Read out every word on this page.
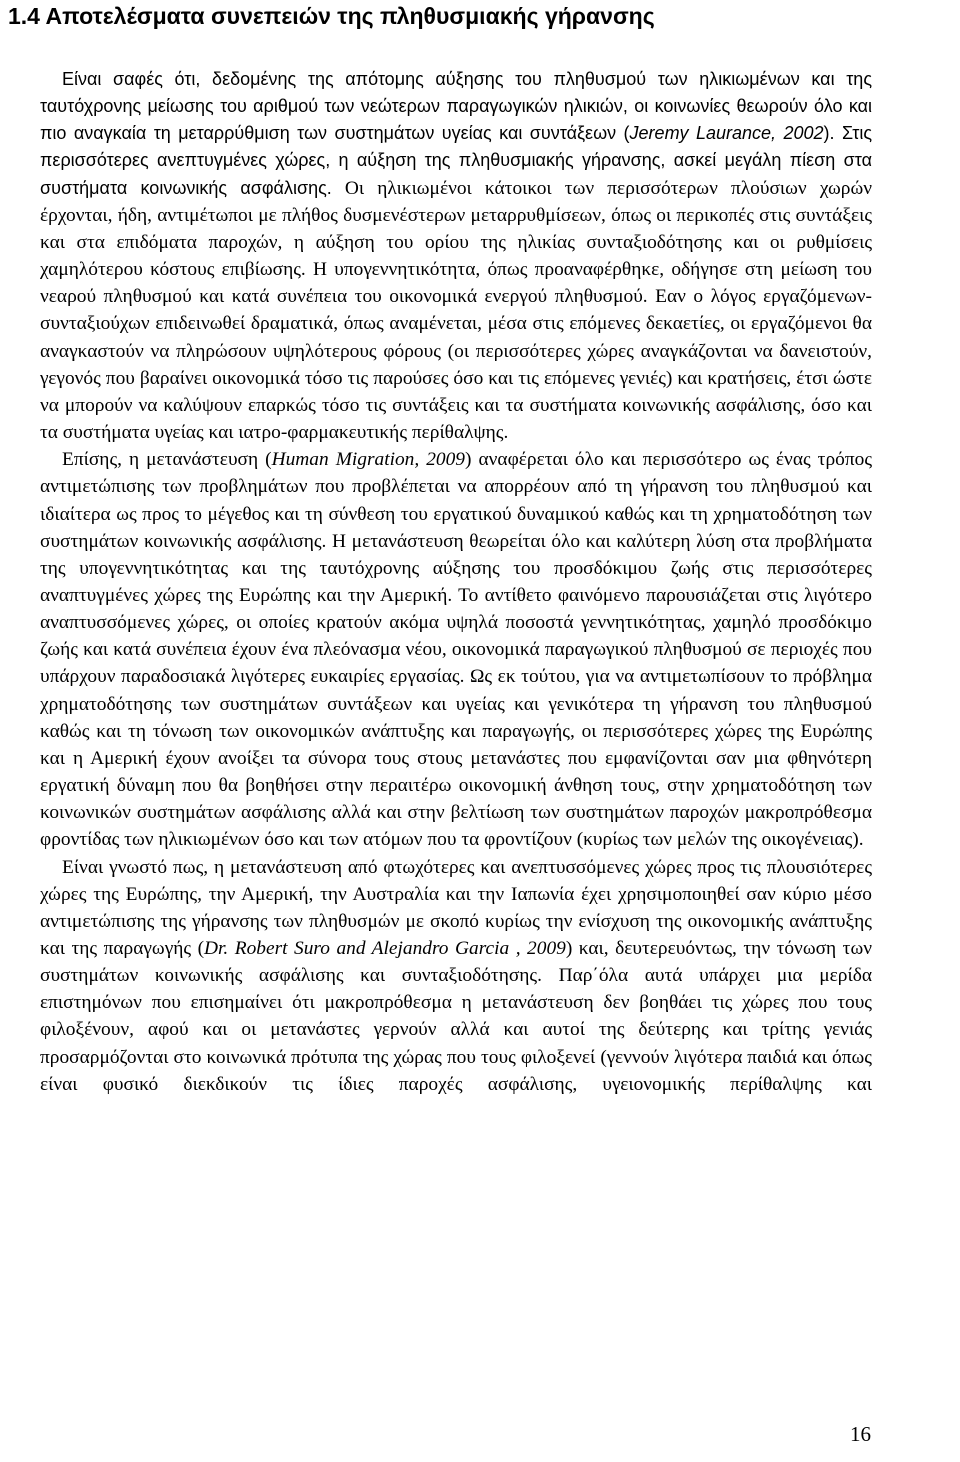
1.4 Αποτελέσματα συνεπειών της πληθυσμιακής γήρανσης

Είναι σαφές ότι, δεδομένης της απότομης αύξησης του πληθυσμού των ηλικιωμένων και της ταυτόχρονης μείωσης του αριθμού των νεώτερων παραγωγικών ηλικιών, οι κοινωνίες θεωρούν όλο και πιο αναγκαία τη μεταρρύθμιση των συστημάτων υγείας και συντάξεων (Jeremy Laurance, 2002). Στις περισσότερες ανεπτυγμένες χώρες, η αύξηση της πληθυσμιακής γήρανσης, ασκεί μεγάλη πίεση στα συστήματα κοινωνικής ασφάλισης. Οι ηλικιωμένοι κάτοικοι των περισσότερων πλούσιων χωρών έρχονται, ήδη, αντιμέτωποι με πλήθος δυσμενέστερων μεταρρυθμίσεων, όπως οι περικοπές στις συντάξεις και στα επιδόματα παροχών, η αύξηση του ορίου της ηλικίας συνταξιοδότησης και οι ρυθμίσεις χαμηλότερου κόστους επιβίωσης. Η υπογεννητικότητα, όπως προαναφέρθηκε, οδήγησε στη μείωση του νεαρού πληθυσμού και κατά συνέπεια του οικονομικά ενεργού πληθυσμού. Εαν ο λόγος εργαζόμενων-συνταξιούχων επιδεινωθεί δραματικά, όπως αναμένεται, μέσα στις επόμενες δεκαετίες, οι εργαζόμενοι θα αναγκαστούν να πληρώσουν υψηλότερους φόρους (οι περισσότερες χώρες αναγκάζονται να δανειστούν, γεγονός που βαραίνει οικονομικά τόσο τις παρούσες όσο και τις επόμενες γενιές) και κρατήσεις, έτσι ώστε να μπορούν να καλύψουν επαρκώς τόσο τις συντάξεις και τα συστήματα κοινωνικής ασφάλισης, όσο και τα συστήματα υγείας και ιατρο-φαρμακευτικής περίθαλψης.

Επίσης, η μετανάστευση (Human Migration, 2009) αναφέρεται όλο και περισσότερο ως ένας τρόπος αντιμετώπισης των προβλημάτων που προβλέπεται να απορρέουν από τη γήρανση του πληθυσμού και ιδιαίτερα ως προς το μέγεθος και τη σύνθεση του εργατικού δυναμικού καθώς και τη χρηματοδότηση των συστημάτων κοινωνικής ασφάλισης. Η μετανάστευση θεωρείται όλο και καλύτερη λύση στα προβλήματα της υπογεννητικότητας και της ταυτόχρονης αύξησης του προσδόκιμου ζωής στις περισσότερες αναπτυγμένες χώρες της Ευρώπης και την Αμερική. Το αντίθετο φαινόμενο παρουσιάζεται στις λιγότερο αναπτυσσόμενες χώρες, οι οποίες κρατούν ακόμα υψηλά ποσοστά γεννητικότητας, χαμηλό προσδόκιμο ζωής και κατά συνέπεια έχουν ένα πλεόνασμα νέου, οικονομικά παραγωγικού πληθυσμού σε περιοχές που υπάρχουν παραδοσιακά λιγότερες ευκαιρίες εργασίας. Ως εκ τούτου, για να αντιμετωπίσουν το πρόβλημα χρηματοδότησης των συστημάτων συντάξεων και υγείας και γενικότερα τη γήρανση του πληθυσμού καθώς και τη τόνωση των οικονομικών ανάπτυξης και παραγωγής, οι περισσότερες χώρες της Ευρώπης και η Αμερική έχουν ανοίξει τα σύνορα τους στους μετανάστες που εμφανίζονται σαν μια φθηνότερη εργατική δύναμη που θα βοηθήσει στην περαιτέρω οικονομική άνθηση τους, στην χρηματοδότηση των κοινωνικών συστημάτων ασφάλισης αλλά και στην βελτίωση των συστημάτων παροχών μακροπρόθεσμα φροντίδας των ηλικιωμένων όσο και των ατόμων που τα φροντίζουν (κυρίως των μελών της οικογένειας).

Είναι γνωστό πως, η μετανάστευση από φτωχότερες και ανεπτυσσόμενες χώρες προς τις πλουσιότερες χώρες της Ευρώπης, την Αμερική, την Αυστραλία και την Ιαπωνία έχει χρησιμοποιηθεί σαν κύριο μέσο αντιμετώπισης της γήρανσης των πληθυσμών με σκοπό κυρίως την ενίσχυση της οικονομικής ανάπτυξης και της παραγωγής (Dr. Robert Suro and Alejandro Garcia , 2009) και, δευτερευόντως, την τόνωση των συστημάτων κοινωνικής ασφάλισης και συνταξιοδότησης. Παρ΄όλα αυτά υπάρχει μια μερίδα επιστημόνων που επισημαίνει ότι μακροπρόθεσμα η μετανάστευση δεν βοηθάει τις χώρες που τους φιλοξένουν, αφού και οι μετανάστες γερνούν αλλά και αυτοί της δεύτερης και τρίτης γενιάς προσαρμόζονται στο κοινωνικά πρότυπα της χώρας που τους φιλοξενεί (γεννούν λιγότερα παιδιά και όπως είναι φυσικό διεκδικούν τις ίδιες παροχές ασφάλισης, υγειονομικής περίθαλψης και

16
